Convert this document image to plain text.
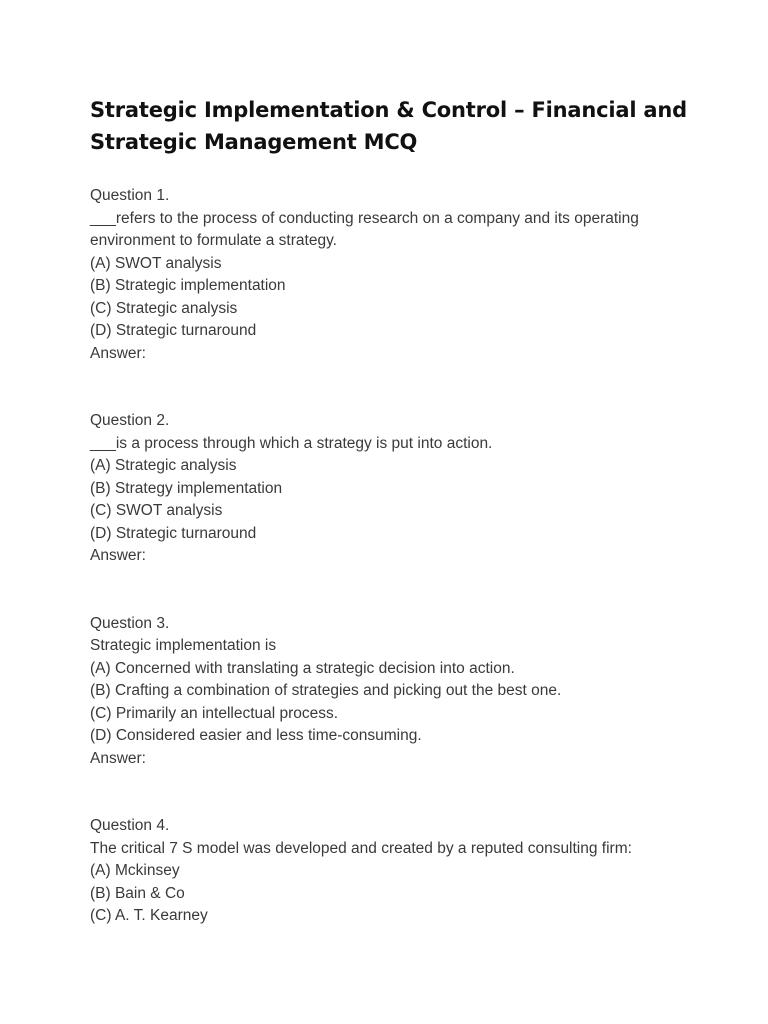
Strategic Implementation & Control – Financial and Strategic Management MCQ
Question 1.
___refers to the process of conducting research on a company and its operating environment to formulate a strategy.
(A) SWOT analysis
(B) Strategic implementation
(C) Strategic analysis
(D) Strategic turnaround
Answer:
Question 2.
___is a process through which a strategy is put into action.
(A) Strategic analysis
(B) Strategy implementation
(C) SWOT analysis
(D) Strategic turnaround
Answer:
Question 3.
Strategic implementation is
(A) Concerned with translating a strategic decision into action.
(B) Crafting a combination of strategies and picking out the best one.
(C) Primarily an intellectual process.
(D) Considered easier and less time-consuming.
Answer:
Question 4.
The critical 7 S model was developed and created by a reputed consulting firm:
(A) Mckinsey
(B) Bain & Co
(C) A. T. Kearney
